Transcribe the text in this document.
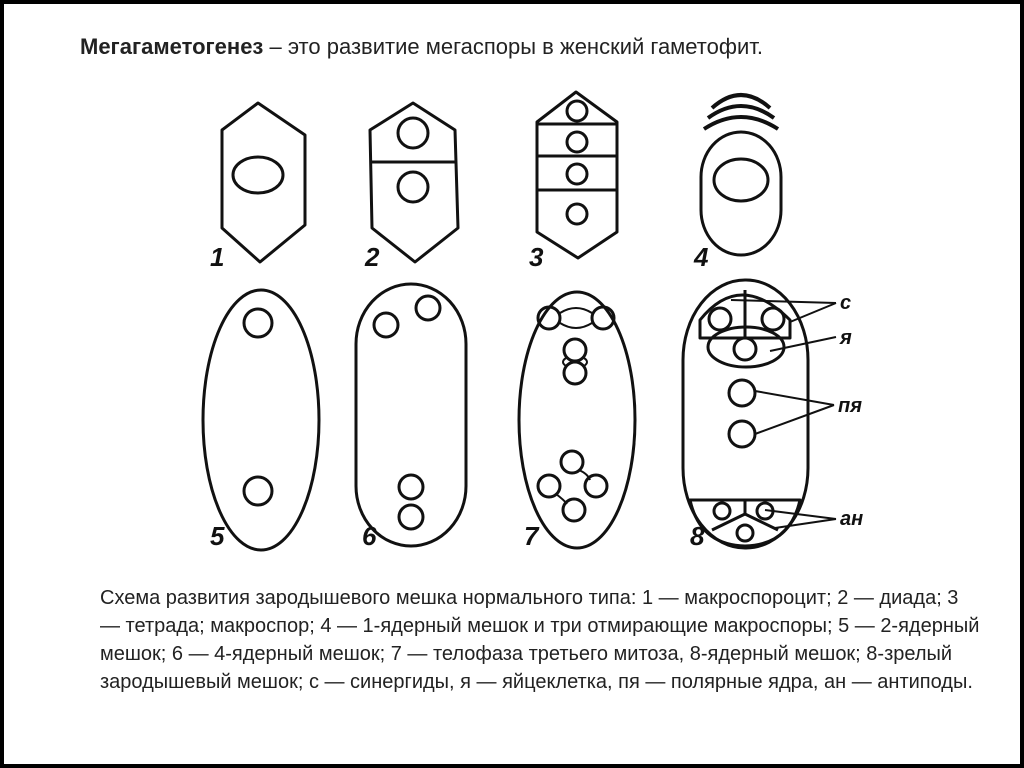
Мегагаметогенез – это развитие мегаспоры в женский гаметофит.
1	2	3	4
5	6	7	8
с
я
пя
ан
Схема развития зародышевого мешка нормального типа: 1 — макроспороцит; 2 — диада; 3 — тетрада; макроспор; 4 — 1-ядерный мешок и три отмирающие макроспоры; 5 — 2-ядерный мешок; 6 — 4-ядерный мешок; 7 — телофаза третьего митоза, 8-ядерный мешок; 8-зрелый зародышевый мешок; с — синергиды, я — яйцеклетка, пя — полярные ядра, ан — антиподы.
